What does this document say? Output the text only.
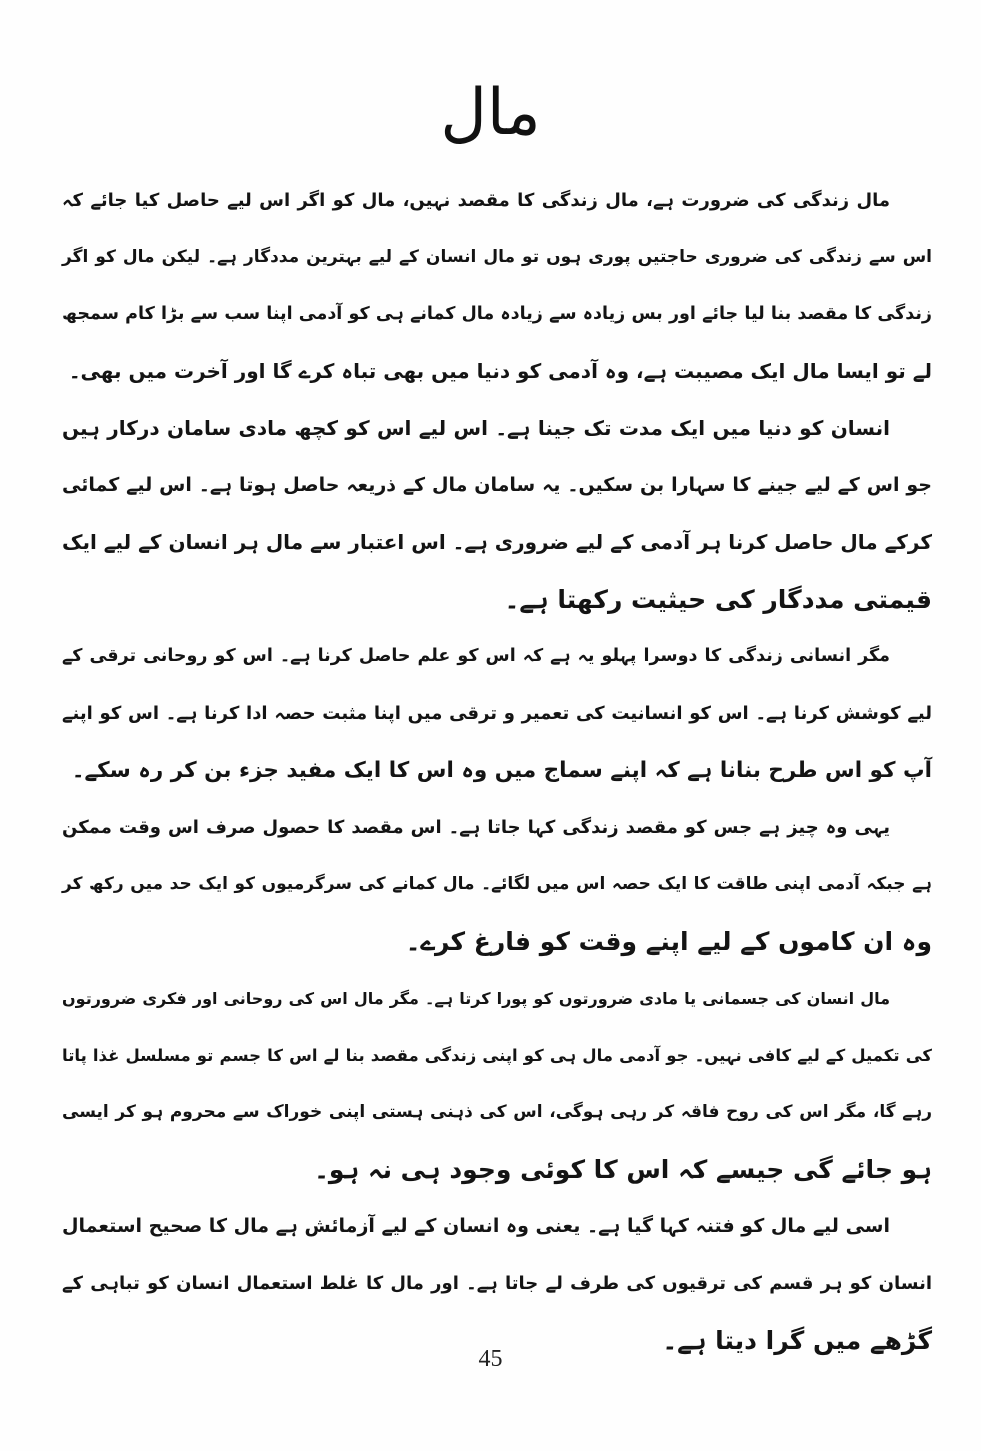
مال
مال زندگی کی ضرورت ہے، مال زندگی کا مقصد نہیں، مال کو اگر اس لیے حاصل کیا جائے کہ
اس سے زندگی کی ضروری حاجتیں پوری ہوں تو مال انسان کے لیے بہترین مددگار ہے۔ لیکن مال کو اگر
زندگی کا مقصد بنا لیا جائے اور بس زیادہ سے زیادہ مال کمانے ہی کو آدمی اپنا سب سے بڑا کام سمجھ
لے تو ایسا مال ایک مصیبت ہے، وہ آدمی کو دنیا میں بھی تباہ کرے گا اور آخرت میں بھی۔
انسان کو دنیا میں ایک مدت تک جینا ہے۔ اس لیے اس کو کچھ مادی سامان درکار ہیں
جو اس کے لیے جینے کا سہارا بن سکیں۔ یہ سامان مال کے ذریعہ حاصل ہوتا ہے۔ اس لیے کمائی
کرکے مال حاصل کرنا ہر آدمی کے لیے ضروری ہے۔ اس اعتبار سے مال ہر انسان کے لیے ایک
قیمتی مددگار کی حیثیت رکھتا ہے۔
مگر انسانی زندگی کا دوسرا پہلو یہ ہے کہ اس کو علم حاصل کرنا ہے۔ اس کو روحانی ترقی کے
لیے کوشش کرنا ہے۔ اس کو انسانیت کی تعمیر و ترقی میں اپنا مثبت حصہ ادا کرنا ہے۔ اس کو اپنے
آپ کو اس طرح بنانا ہے کہ اپنے سماج میں وہ اس کا ایک مفید جزء بن کر رہ سکے۔
یہی وہ چیز ہے جس کو مقصد زندگی کہا جاتا ہے۔ اس مقصد کا حصول صرف اس وقت ممکن
ہے جبکہ آدمی اپنی طاقت کا ایک حصہ اس میں لگائے۔ مال کمانے کی سرگرمیوں کو ایک حد میں رکھ کر
وہ ان کاموں کے لیے اپنے وقت کو فارغ کرے۔
مال انسان کی جسمانی یا مادی ضرورتوں کو پورا کرتا ہے۔ مگر مال اس کی روحانی اور فکری ضرورتوں
کی تکمیل کے لیے کافی نہیں۔ جو آدمی مال ہی کو اپنی زندگی مقصد بنا لے اس کا جسم تو مسلسل غذا پاتا
رہے گا، مگر اس کی روح فاقہ کر رہی ہوگی، اس کی ذہنی ہستی اپنی خوراک سے محروم ہو کر ایسی
ہو جائے گی جیسے کہ اس کا کوئی وجود ہی نہ ہو۔
اسی لیے مال کو فتنہ کہا گیا ہے۔ یعنی وہ انسان کے لیے آزمائش ہے مال کا صحیح استعمال
انسان کو ہر قسم کی ترقیوں کی طرف لے جاتا ہے۔ اور مال کا غلط استعمال انسان کو تباہی کے
گڑھے میں گرا دیتا ہے۔
45
